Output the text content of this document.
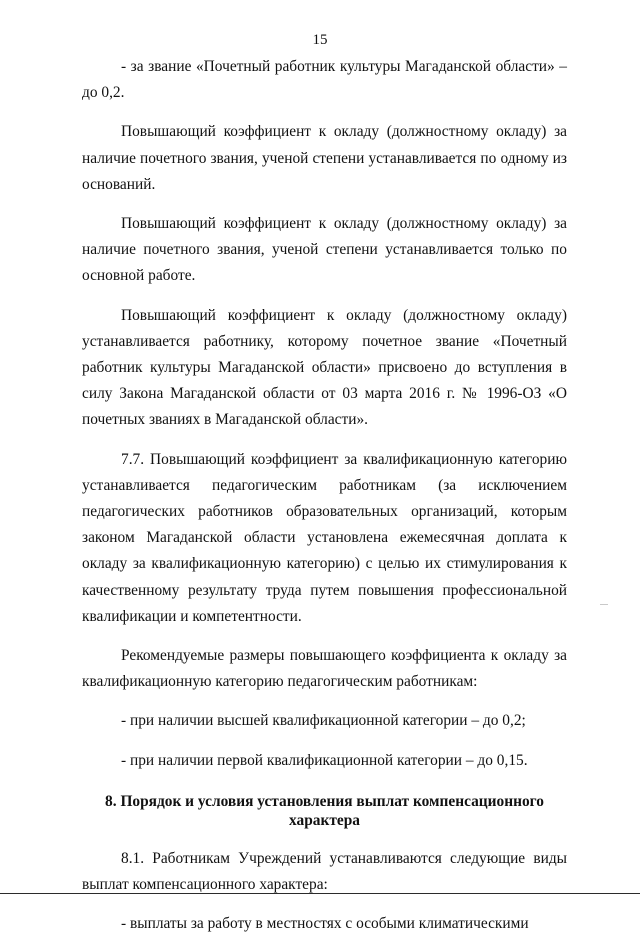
15

- за звание «Почетный работник культуры Магаданской области» – до 0,2.

Повышающий коэффициент к окладу (должностному окладу) за наличие почетного звания, ученой степени устанавливается по одному из оснований.

Повышающий коэффициент к окладу (должностному окладу) за наличие почетного звания, ученой степени устанавливается только по основной работе.

Повышающий коэффициент к окладу (должностному окладу) устанавливается работнику, которому почетное звание «Почетный работник культуры Магаданской области» присвоено до вступления в силу Закона Магаданской области от 03 марта 2016 г. № 1996-ОЗ «О почетных званиях в Магаданской области».

7.7. Повышающий коэффициент за квалификационную категорию устанавливается педагогическим работникам (за исключением педагогических работников образовательных организаций, которым законом Магаданской области установлена ежемесячная доплата к окладу за квалификационную категорию) с целью их стимулирования к качественному результату труда путем повышения профессиональной квалификации и компетентности.

Рекомендуемые размеры повышающего коэффициента к окладу за квалификационную категорию педагогическим работникам:

- при наличии высшей квалификационной категории – до 0,2;

- при наличии первой квалификационной категории – до 0,15.

8. Порядок и условия установления выплат компенсационного характера

8.1. Работникам Учреждений устанавливаются следующие виды выплат компенсационного характера:

- выплаты за работу в местностях с особыми климатическими
